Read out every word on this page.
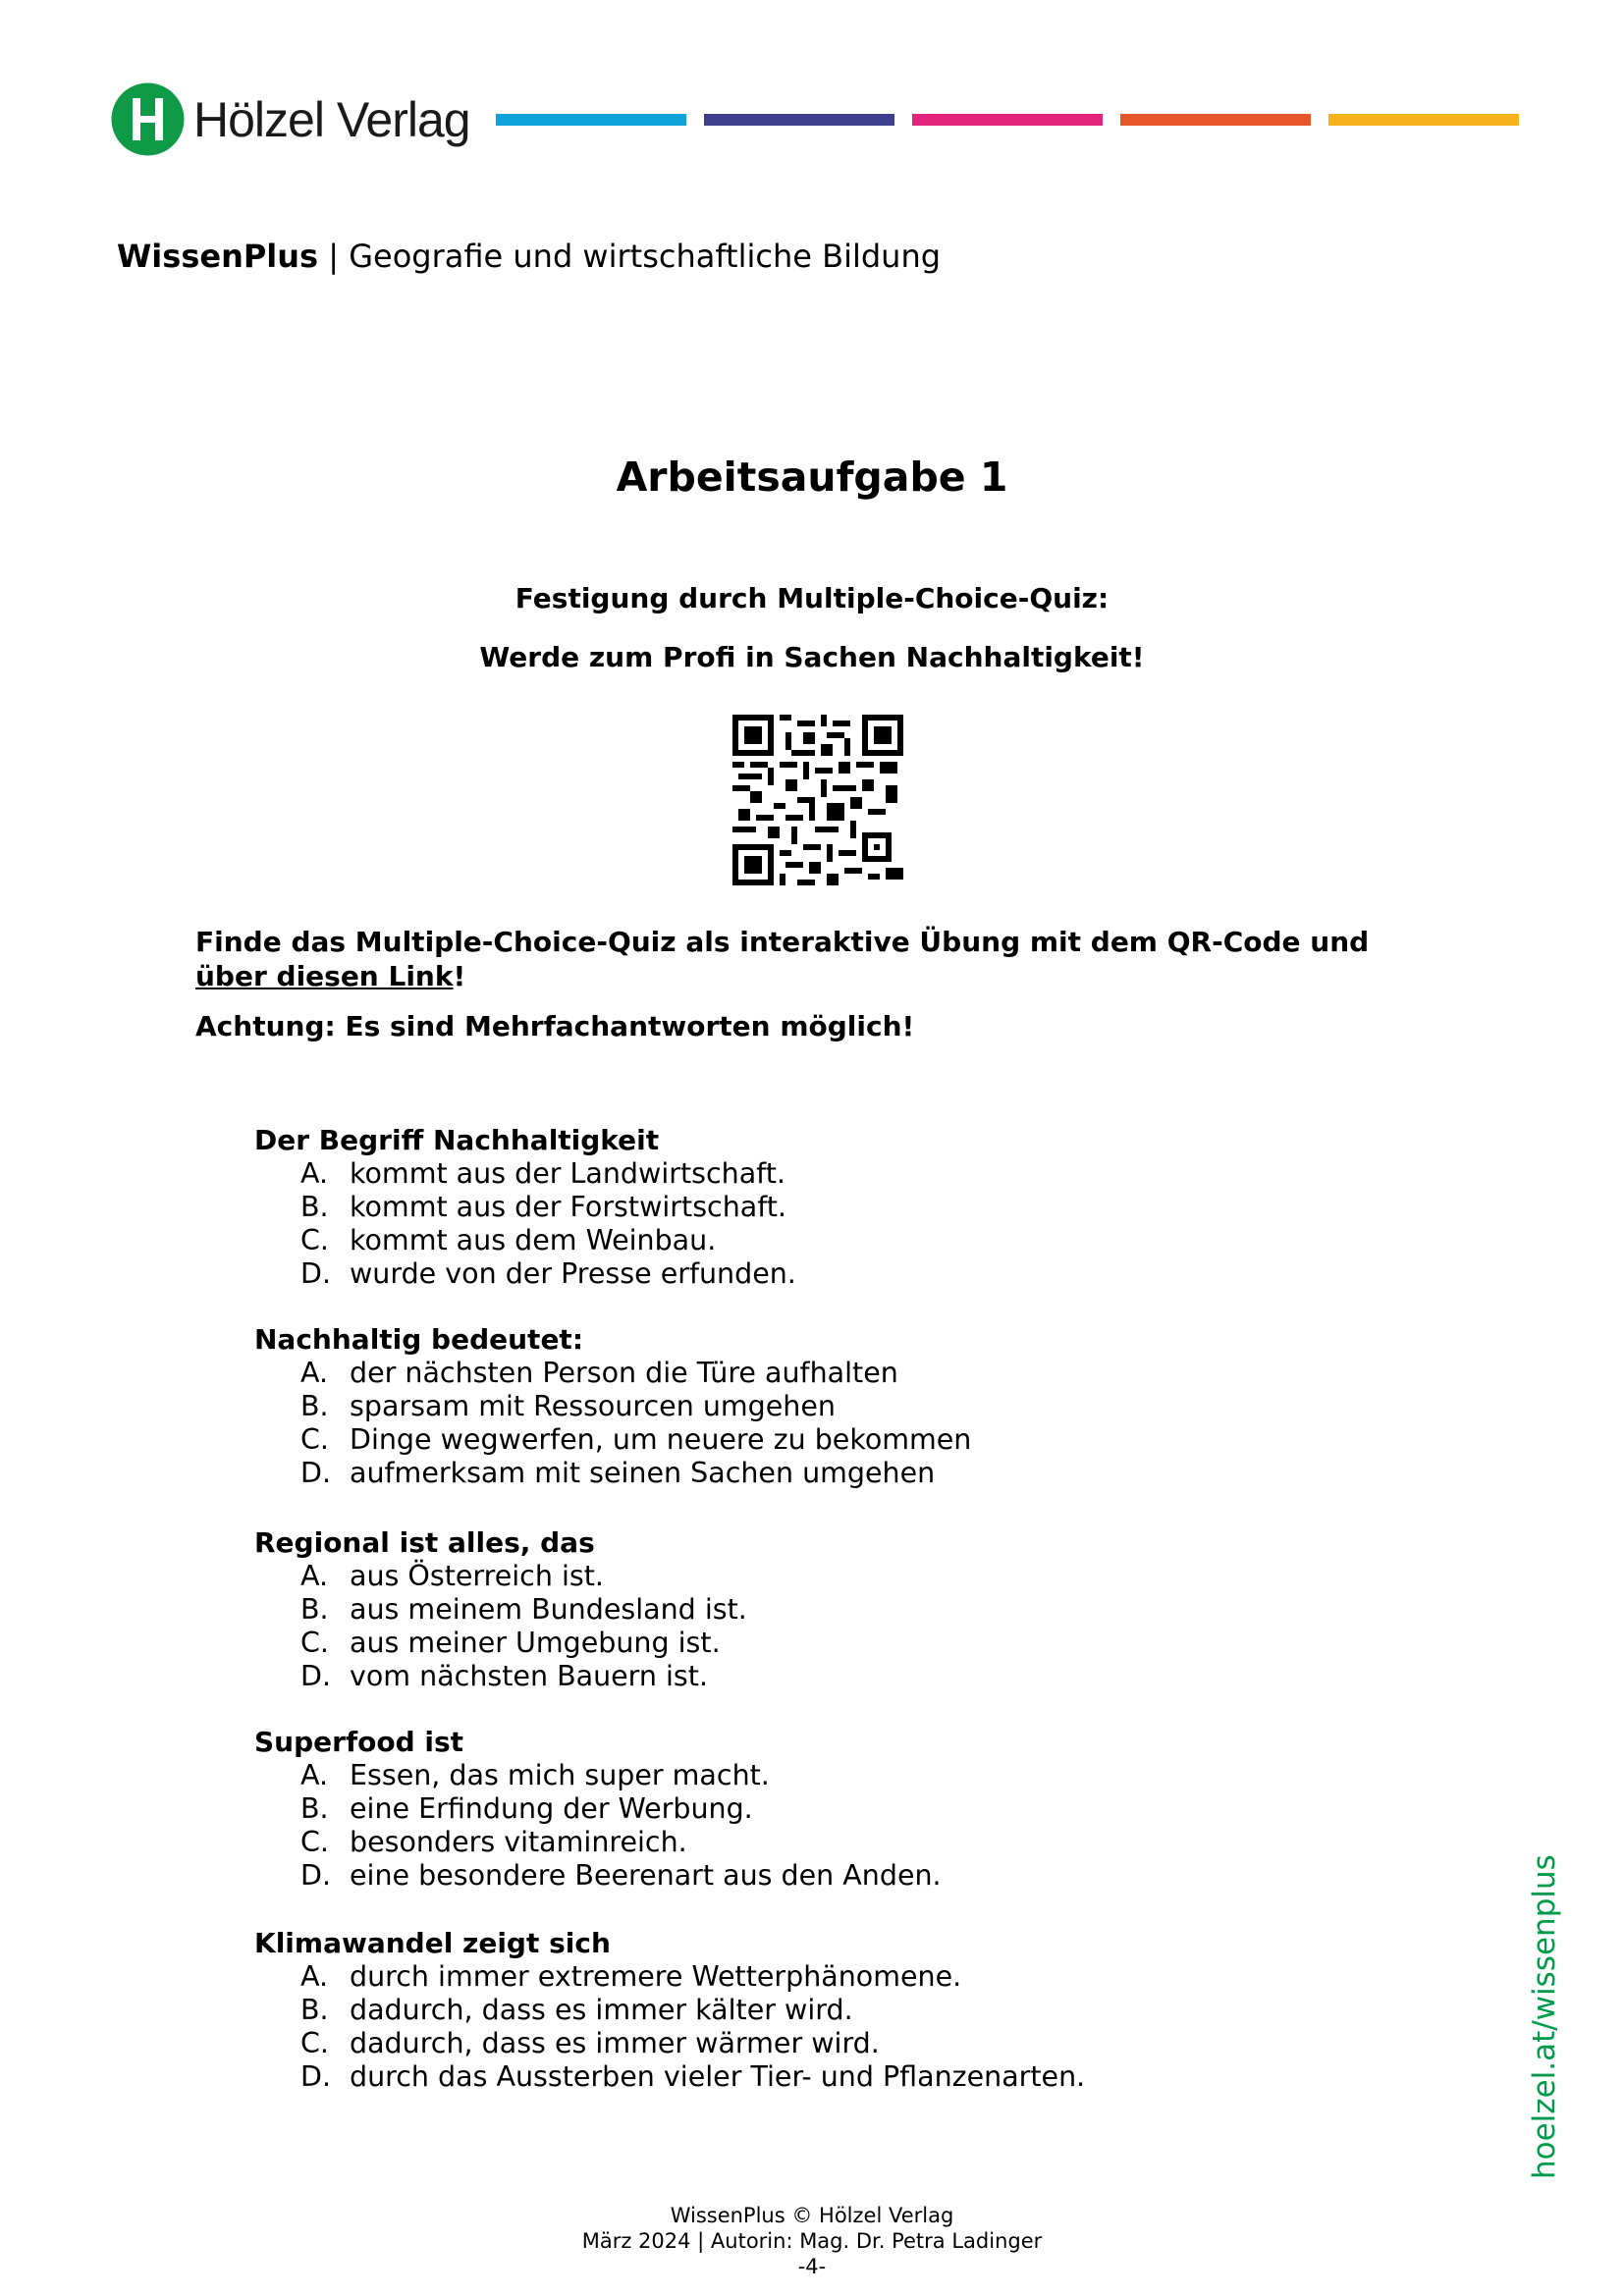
Hölzel Verlag
WissenPlus | Geografie und wirtschaftliche Bildung
Arbeitsaufgabe 1
Festigung durch Multiple-Choice-Quiz:
Werde zum Profi in Sachen Nachhaltigkeit!
Finde das Multiple-Choice-Quiz als interaktive Übung mit dem QR-Code und
über diesen Link!
Achtung: Es sind Mehrfachantworten möglich!
Der Begriff Nachhaltigkeit
A. kommt aus der Landwirtschaft.
B. kommt aus der Forstwirtschaft.
C. kommt aus dem Weinbau.
D. wurde von der Presse erfunden.
Nachhaltig bedeutet:
A. der nächsten Person die Türe aufhalten
B. sparsam mit Ressourcen umgehen
C. Dinge wegwerfen, um neuere zu bekommen
D. aufmerksam mit seinen Sachen umgehen
Regional ist alles, das
A. aus Österreich ist.
B. aus meinem Bundesland ist.
C. aus meiner Umgebung ist.
D. vom nächsten Bauern ist.
Superfood ist
A. Essen, das mich super macht.
B. eine Erfindung der Werbung.
C. besonders vitaminreich.
D. eine besondere Beerenart aus den Anden.
Klimawandel zeigt sich
A. durch immer extremere Wetterphänomene.
B. dadurch, dass es immer kälter wird.
C. dadurch, dass es immer wärmer wird.
D. durch das Aussterben vieler Tier- und Pflanzenarten.	hoelzel.at/wissenplus
WissenPlus © Hölzel Verlag
März 2024 | Autorin: Mag. Dr. Petra Ladinger
-4-
